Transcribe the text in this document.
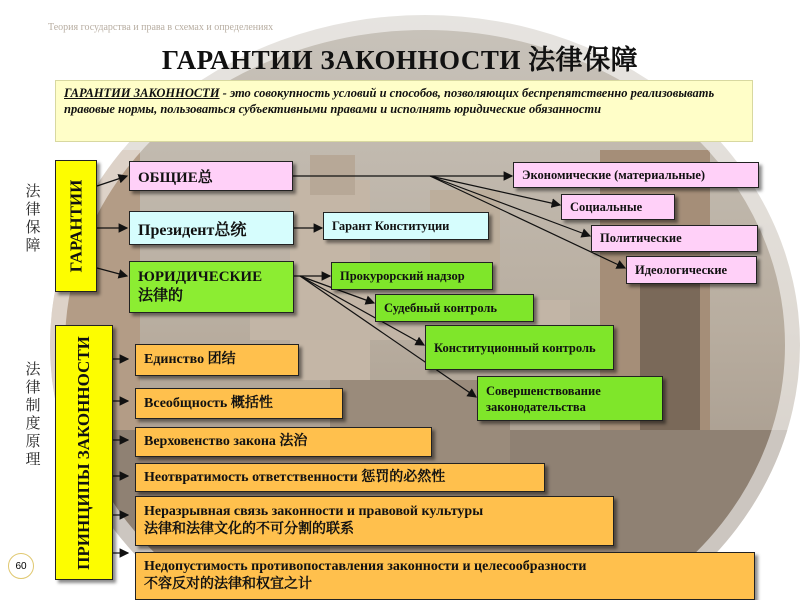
Теория государства и права в схемах и определениях
ГАРАНТИИ ЗАКОННОСТИ 法律保障
ГАРАНТИИ ЗАКОННОСТИ - это совокупность условий и способов, позволяющих беспрепятственно реализовывать правовые нормы, пользоваться субъективными правами и исполнять юридические обязанности
法
律
保
障
法
律
制
度
原
理
ГАРАНТИИ
ПРИНЦИПЫ ЗАКОННОСТИ
ОБЩИЕ总
Президент总统
ЮРИДИЧЕСКИЕ
法律的
Экономические (материальные)
Социальные
Политические
Идеологические
Гарант Конституции
Прокурорский надзор
Судебный контроль
Конституционный контроль
Совершенствование законодательства
Единство 团结
Всеобщность 概括性
Верховенство закона 法治
Неотвратимость ответственности 惩罚的必然性
Неразрывная связь законности и правовой культуры
法律和法律文化的不可分割的联系
Недопустимость противопоставления законности и целесообразности
不容反对的法律和权宜之计
60
